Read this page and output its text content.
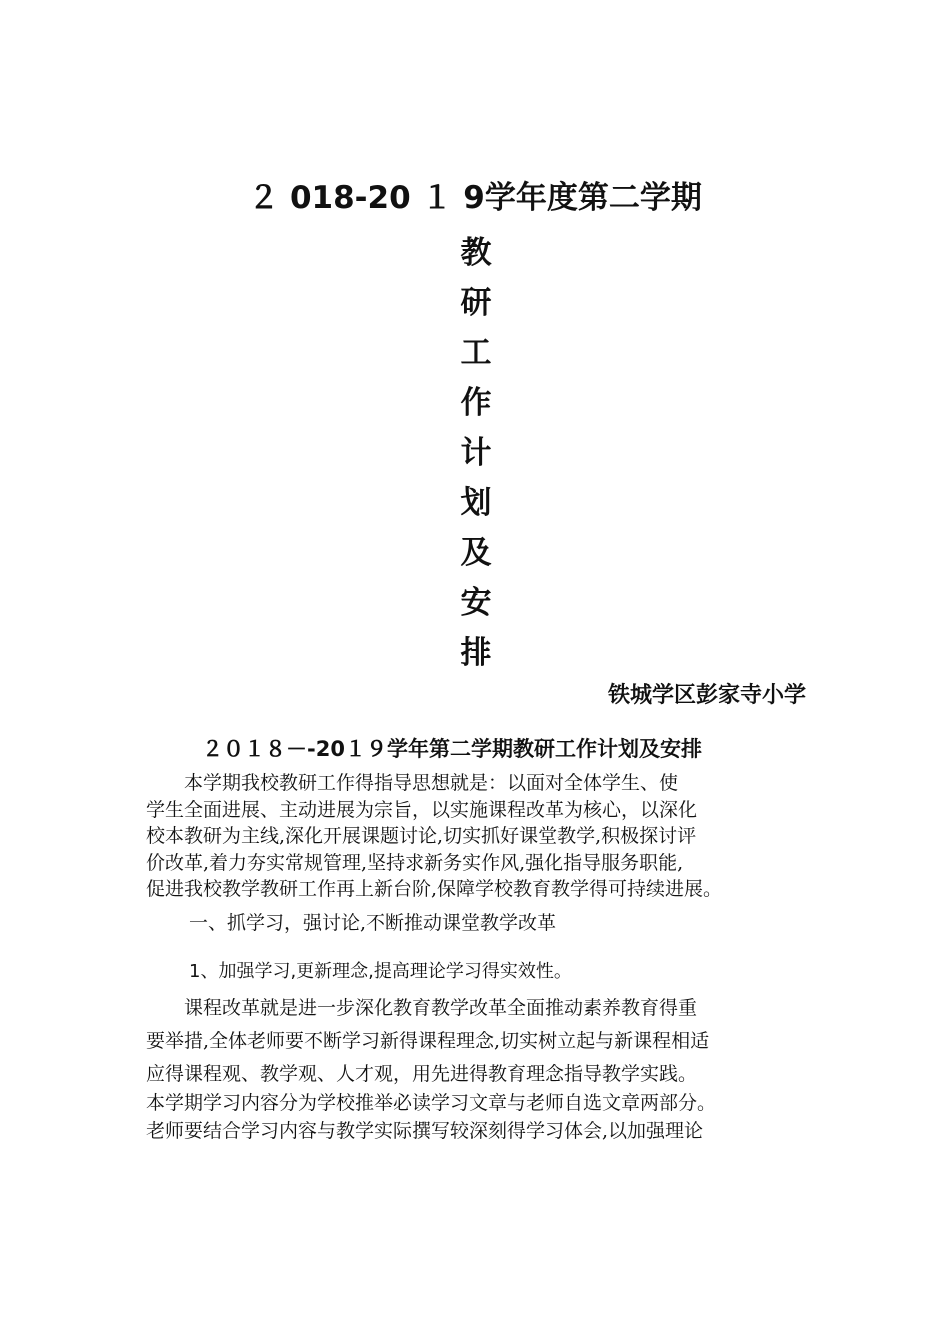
２ 018-20 １ 9学年度第二学期
教
研
工
作
计
划
及
安
排
铁城学区彭家寺小学
２０１８－-20１９学年第二学期教研工作计划及安排
　　本学期我校教研工作得指导思想就是：以面对全体学生、使
学生全面进展、主动进展为宗旨，以实施课程改革为核心，以深化
校本教研为主线,深化开展课题讨论,切实抓好课堂教学,积极探讨评
价改革,着力夯实常规管理,坚持求新务实作风,强化指导服务职能,
促进我校教学教研工作再上新台阶,保障学校教育教学得可持续进展。
一、抓学习，强讨论,不断推动课堂教学改革
1、加强学习,更新理念,提高理论学习得实效性。
　　课程改革就是进一步深化教育教学改革全面推动素养教育得重
要举措,全体老师要不断学习新得课程理念,切实树立起与新课程相适
应得课程观、教学观、人才观，用先进得教育理念指导教学实践。
本学期学习内容分为学校推举必读学习文章与老师自选文章两部分。
老师要结合学习内容与教学实际撰写较深刻得学习体会,以加强理论
